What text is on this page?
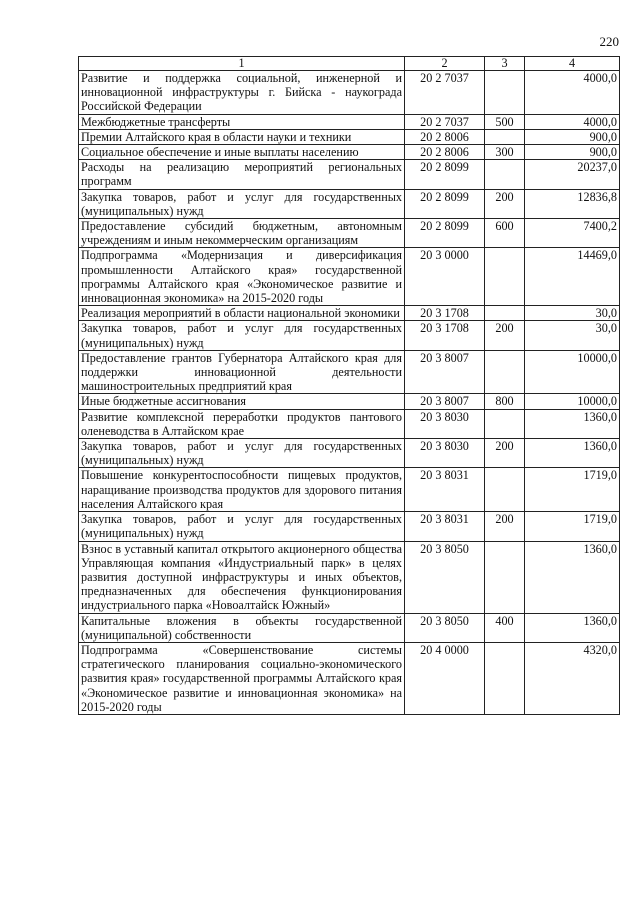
220
1	2	3	4
Развитие и поддержка социальной, инженерной и инновационной инфраструктуры г. Бийска - наукограда Российской Федерации	20 2 7037		4000,0
Межбюджетные трансферты	20 2 7037	500	4000,0
Премии Алтайского края в области науки и техники	20 2 8006		900,0
Социальное обеспечение и иные выплаты населению	20 2 8006	300	900,0
Расходы на реализацию мероприятий региональных программ	20 2 8099		20237,0
Закупка товаров, работ и услуг для государственных (муниципальных) нужд	20 2 8099	200	12836,8
Предоставление субсидий бюджетным, автономным учреждениям и иным некоммерческим организациям	20 2 8099	600	7400,2
Подпрограмма «Модернизация и диверсификация промышленности Алтайского края» государственной программы Алтайского края «Экономическое развитие и инновационная экономика» на 2015-2020 годы	20 3 0000		14469,0
Реализация мероприятий в области национальной экономики	20 3 1708		30,0
Закупка товаров, работ и услуг для государственных (муниципальных) нужд	20 3 1708	200	30,0
Предоставление грантов Губернатора Алтайского края для поддержки инновационной деятельности машиностроительных предприятий края	20 3 8007		10000,0
Иные бюджетные ассигнования	20 3 8007	800	10000,0
Развитие комплексной переработки продуктов пантового оленеводства в Алтайском крае	20 3 8030		1360,0
Закупка товаров, работ и услуг для государственных (муниципальных) нужд	20 3 8030	200	1360,0
Повышение конкурентоспособности пищевых продуктов, наращивание производства продуктов для здорового питания населения Алтайского края	20 3 8031		1719,0
Закупка товаров, работ и услуг для государственных (муниципальных) нужд	20 3 8031	200	1719,0
Взнос в уставный капитал открытого акционерного общества Управляющая компания «Индустриальный парк» в целях развития доступной инфраструктуры и иных объектов, предназначенных для обеспечения функционирования индустриального парка «Новоалтайск Южный»	20 3 8050		1360,0
Капитальные вложения в объекты государственной (муниципальной) собственности	20 3 8050	400	1360,0
Подпрограмма «Совершенствование системы стратегического планирования социально-экономического развития края» государственной программы Алтайского края «Экономическое развитие и инновационная экономика» на 2015-2020 годы	20 4 0000		4320,0
